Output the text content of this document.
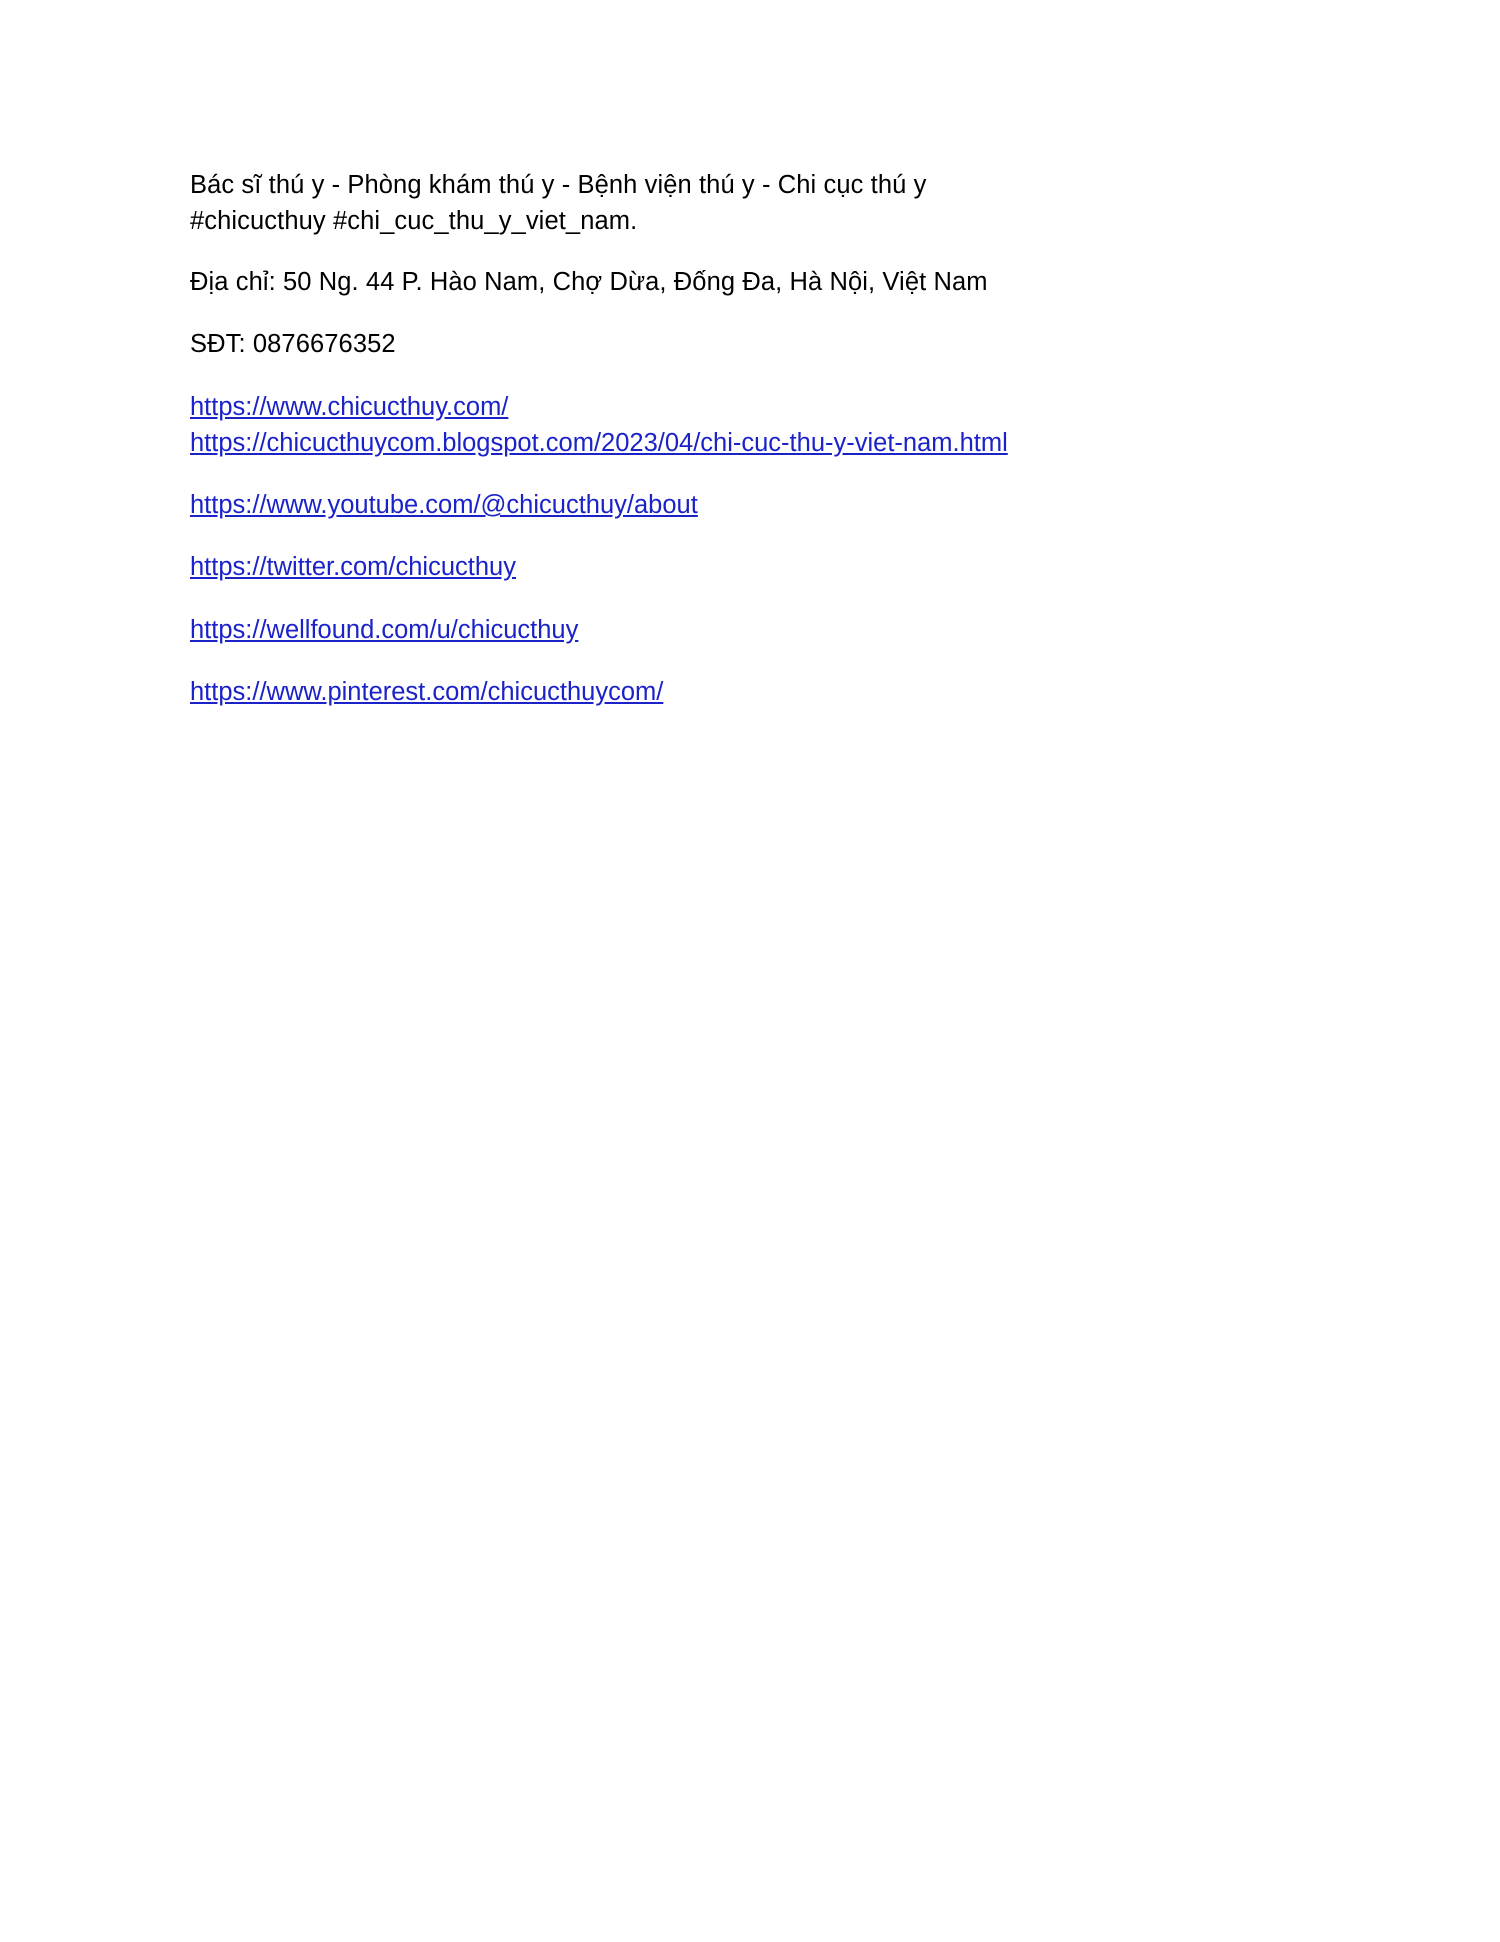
Bác sĩ thú y - Phòng khám thú y - Bệnh viện thú y - Chi cục thú y
#chicucthuy #chi_cuc_thu_y_viet_nam.

Địa chỉ: 50 Ng. 44 P. Hào Nam, Chợ Dừa, Đống Đa, Hà Nội, Việt Nam

SĐT: 0876676352

https://www.chicucthuy.com/
https://chicucthuycom.blogspot.com/2023/04/chi-cuc-thu-y-viet-nam.html

https://www.youtube.com/@chicucthuy/about

https://twitter.com/chicucthuy

https://wellfound.com/u/chicucthuy

https://www.pinterest.com/chicucthuycom/
